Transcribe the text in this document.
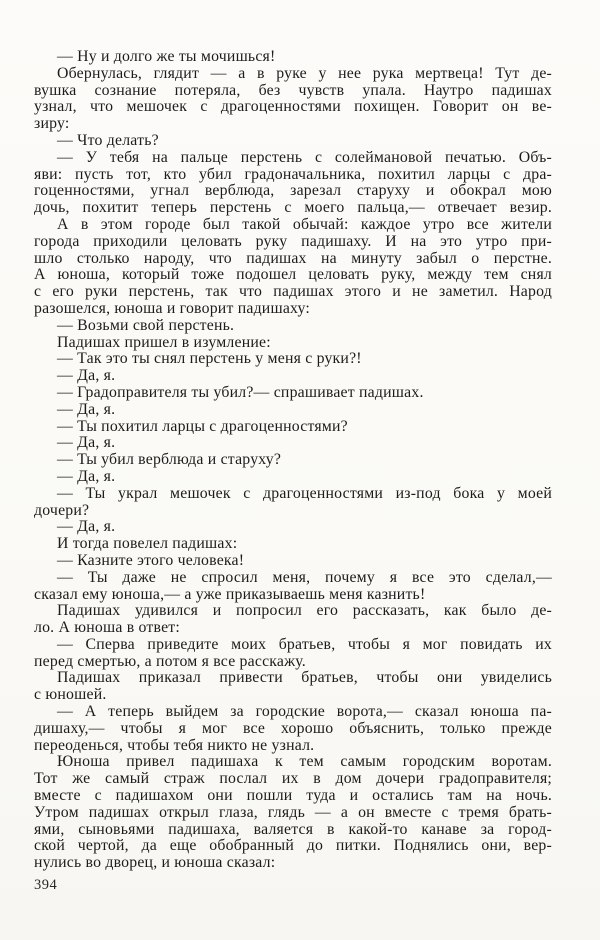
— Ну и долго же ты мочишься!
Обернулась, глядит — а в руке у нее рука мертвеца! Тут де-
вушка сознание потеряла, без чувств упала. Наутро падишах
узнал, что мешочек с драгоценностями похищен. Говорит он ве-
зиру:
— Что делать?
— У тебя на пальце перстень с солеймановой печатью. Объ-
яви: пусть тот, кто убил градоначальника, похитил ларцы с дра-
гоценностями, угнал верблюда, зарезал старуху и обокрал мою
дочь, похитит теперь перстень с моего пальца,— отвечает везир.
А в этом городе был такой обычай: каждое утро все жители
города приходили целовать руку падишаху. И на это утро при-
шло столько народу, что падишах на минуту забыл о перстне.
А юноша, который тоже подошел целовать руку, между тем снял
с его руки перстень, так что падишах этого и не заметил. Народ
разошелся, юноша и говорит падишаху:
— Возьми свой перстень.
Падишах пришел в изумление:
— Так это ты снял перстень у меня с руки?!
— Да, я.
— Градоправителя ты убил?— спрашивает падишах.
— Да, я.
— Ты похитил ларцы с драгоценностями?
— Да, я.
— Ты убил верблюда и старуху?
— Да, я.
— Ты украл мешочек с драгоценностями из-под бока у моей
дочери?
— Да, я.
И тогда повелел падишах:
— Казните этого человека!
— Ты даже не спросил меня, почему я все это сделал,—
сказал ему юноша,— а уже приказываешь меня казнить!
Падишах удивился и попросил его рассказать, как было де-
ло. А юноша в ответ:
— Сперва приведите моих братьев, чтобы я мог повидать их
перед смертью, а потом я все расскажу.
Падишах приказал привести братьев, чтобы они увиделись
с юношей.
— А теперь выйдем за городские ворота,— сказал юноша па-
дишаху,— чтобы я мог все хорошо объяснить, только прежде
переоденься, чтобы тебя никто не узнал.
Юноша привел падишаха к тем самым городским воротам.
Тот же самый страж послал их в дом дочери градоправителя;
вместе с падишахом они пошли туда и остались там на ночь.
Утром падишах открыл глаза, глядь — а он вместе с тремя брать-
ями, сыновьями падишаха, валяется в какой-то канаве за город-
ской чертой, да еще обобранный до питки. Поднялись они, вер-
нулись во дворец, и юноша сказал:
394
